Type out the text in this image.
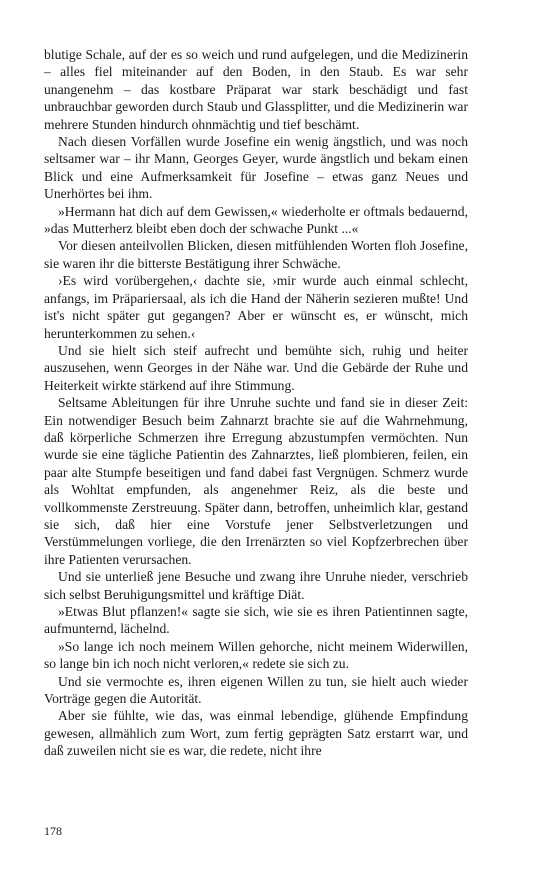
blutige Schale, auf der es so weich und rund aufgelegen, und die Medizinerin – alles fiel miteinander auf den Boden, in den Staub. Es war sehr unangenehm – das kostbare Präparat war stark beschädigt und fast unbrauchbar geworden durch Staub und Glassplitter, und die Medizinerin war mehrere Stunden hindurch ohnmächtig und tief beschämt.

Nach diesen Vorfällen wurde Josefine ein wenig ängstlich, und was noch seltsamer war – ihr Mann, Georges Geyer, wurde ängstlich und bekam einen Blick und eine Aufmerksamkeit für Josefine – etwas ganz Neues und Unerhörtes bei ihm.

»Hermann hat dich auf dem Gewissen,« wiederholte er oftmals bedauernd, »das Mutterherz bleibt eben doch der schwache Punkt ...«

Vor diesen anteilvollen Blicken, diesen mitfühlenden Worten floh Josefine, sie waren ihr die bitterste Bestätigung ihrer Schwäche.

›Es wird vorübergehen,‹ dachte sie, ›mir wurde auch einmal schlecht, anfangs, im Präpariersaal, als ich die Hand der Näherin sezieren mußte! Und ist's nicht später gut gegangen? Aber er wünscht es, er wünscht, mich herunterkommen zu sehen.‹

Und sie hielt sich steif aufrecht und bemühte sich, ruhig und heiter auszusehen, wenn Georges in der Nähe war. Und die Gebärde der Ruhe und Heiterkeit wirkte stärkend auf ihre Stimmung.

Seltsame Ableitungen für ihre Unruhe suchte und fand sie in dieser Zeit: Ein notwendiger Besuch beim Zahnarzt brachte sie auf die Wahrnehmung, daß körperliche Schmerzen ihre Erregung abzustumpfen vermöchten. Nun wurde sie eine tägliche Patientin des Zahnarztes, ließ plombieren, feilen, ein paar alte Stumpfe beseitigen und fand dabei fast Vergnügen. Schmerz wurde als Wohltat empfunden, als angenehmer Reiz, als die beste und vollkommenste Zerstreuung. Später dann, betroffen, unheimlich klar, gestand sie sich, daß hier eine Vorstufe jener Selbstverletzungen und Verstümmelungen vorliege, die den Irrenärzten so viel Kopfzerbrechen über ihre Patienten verursachen.

Und sie unterließ jene Besuche und zwang ihre Unruhe nieder, verschrieb sich selbst Beruhigungsmittel und kräftige Diät.

»Etwas Blut pflanzen!« sagte sie sich, wie sie es ihren Patientinnen sagte, aufmunternd, lächelnd.

»So lange ich noch meinem Willen gehorche, nicht meinem Widerwillen, so lange bin ich noch nicht verloren,« redete sie sich zu.

Und sie vermochte es, ihren eigenen Willen zu tun, sie hielt auch wieder Vorträge gegen die Autorität.

Aber sie fühlte, wie das, was einmal lebendige, glühende Empfindung gewesen, allmählich zum Wort, zum fertig geprägten Satz erstarrt war, und daß zuweilen nicht sie es war, die redete, nicht ihre

178
